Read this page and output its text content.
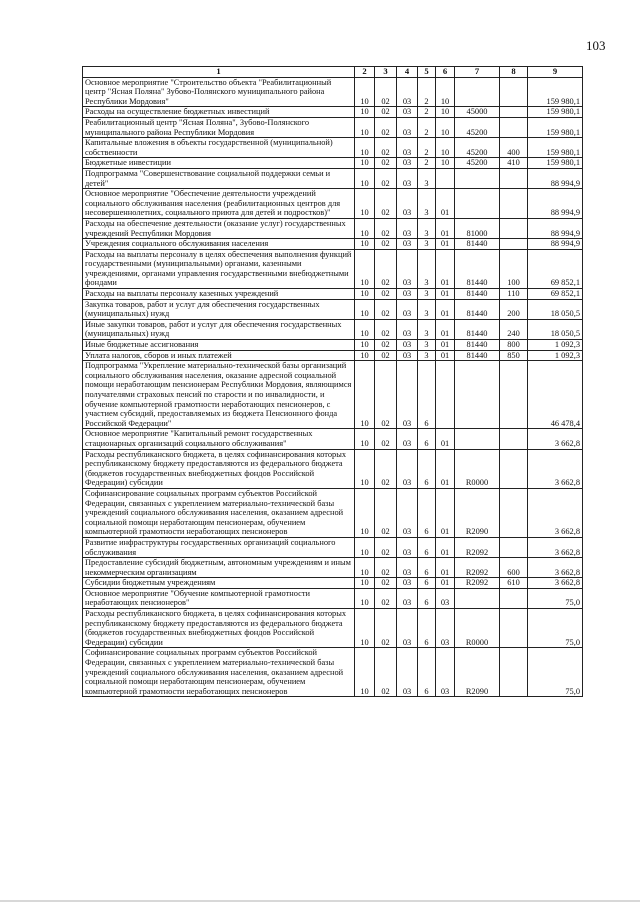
103
1	2	3	4	5	6	7	8	9
Основное мероприятие "Строительство объекта "Реабилитационный центр "Ясная Поляна" Зубово-Полянского муниципального района Республики Мордовия"	10	02	03	2	10			159 980,1
Расходы на осуществление бюджетных инвестиций	10	02	03	2	10	45000		159 980,1
Реабилитационный центр "Ясная Поляна", Зубово-Полянского муниципального района Республики Мордовия	10	02	03	2	10	45200		159 980,1
Капитальные вложения в объекты государственной (муниципальной) собственности	10	02	03	2	10	45200	400	159 980,1
Бюджетные инвестиции	10	02	03	2	10	45200	410	159 980,1
Подпрограмма "Совершенствование социальной поддержки семьи и детей"	10	02	03	3				88 994,9
Основное мероприятие "Обеспечение деятельности учреждений социального обслуживания населения (реабилитационных центров для несовершеннолетних, социального приюта для детей и подростков)"	10	02	03	3	01			88 994,9
Расходы на обеспечение деятельности (оказание услуг) государственных учреждений Республики Мордовия	10	02	03	3	01	81000		88 994,9
Учреждения социального обслуживания населения	10	02	03	3	01	81440		88 994,9
Расходы на выплаты персоналу в целях обеспечения выполнения функций государственными (муниципальными) органами, казенными учреждениями, органами управления государственными внебюджетными фондами	10	02	03	3	01	81440	100	69 852,1
Расходы на выплаты персоналу казенных учреждений	10	02	03	3	01	81440	110	69 852,1
Закупка товаров, работ и услуг для обеспечения государственных (муниципальных) нужд	10	02	03	3	01	81440	200	18 050,5
Иные закупки товаров, работ и услуг для обеспечения государственных (муниципальных) нужд	10	02	03	3	01	81440	240	18 050,5
Иные бюджетные ассигнования	10	02	03	3	01	81440	800	1 092,3
Уплата налогов, сборов и иных платежей	10	02	03	3	01	81440	850	1 092,3
Подпрограмма "Укрепление материально-технической базы организаций социального обслуживания населения, оказание адресной социальной помощи неработающим пенсионерам Республики Мордовия, являющимся получателями страховых пенсий по старости и по инвалидности, и обучение компьютерной грамотности неработающих пенсионеров, с участием субсидий, предоставляемых из бюджета Пенсионного фонда Российской Федерации"	10	02	03	6				46 478,4
Основное мероприятие "Капитальный ремонт государственных стационарных организаций социального обслуживания"	10	02	03	6	01			3 662,8
Расходы республиканского бюджета, в целях софинансирования которых республиканскому бюджету предоставляются из федерального бюджета (бюджетов государственных внебюджетных фондов Российской Федерации) субсидии	10	02	03	6	01	R0000		3 662,8
Софинансирование социальных программ субъектов Российской Федерации, связанных с укреплением материально-технической базы учреждений социального обслуживания населения, оказанием адресной социальной помощи неработающим пенсионерам, обучением компьютерной грамотности неработающих пенсионеров	10	02	03	6	01	R2090		3 662,8
Развитие инфраструктуры государственных организаций социального обслуживания	10	02	03	6	01	R2092		3 662,8
Предоставление субсидий бюджетным, автономным учреждениям и иным некоммерческим организациям	10	02	03	6	01	R2092	600	3 662,8
Субсидии бюджетным учреждениям	10	02	03	6	01	R2092	610	3 662,8
Основное мероприятие "Обучение компьютерной грамотности неработающих пенсионеров"	10	02	03	6	03			75,0
Расходы республиканского бюджета, в целях софинансирования которых республиканскому бюджету предоставляются из федерального бюджета (бюджетов государственных внебюджетных фондов Российской Федерации) субсидии	10	02	03	6	03	R0000		75,0
Софинансирование социальных программ субъектов Российской Федерации, связанных с укреплением материально-технической базы учреждений социального обслуживания населения, оказанием адресной социальной помощи неработающим пенсионерам, обучением компьютерной грамотности неработающих пенсионеров	10	02	03	6	03	R2090		75,0
